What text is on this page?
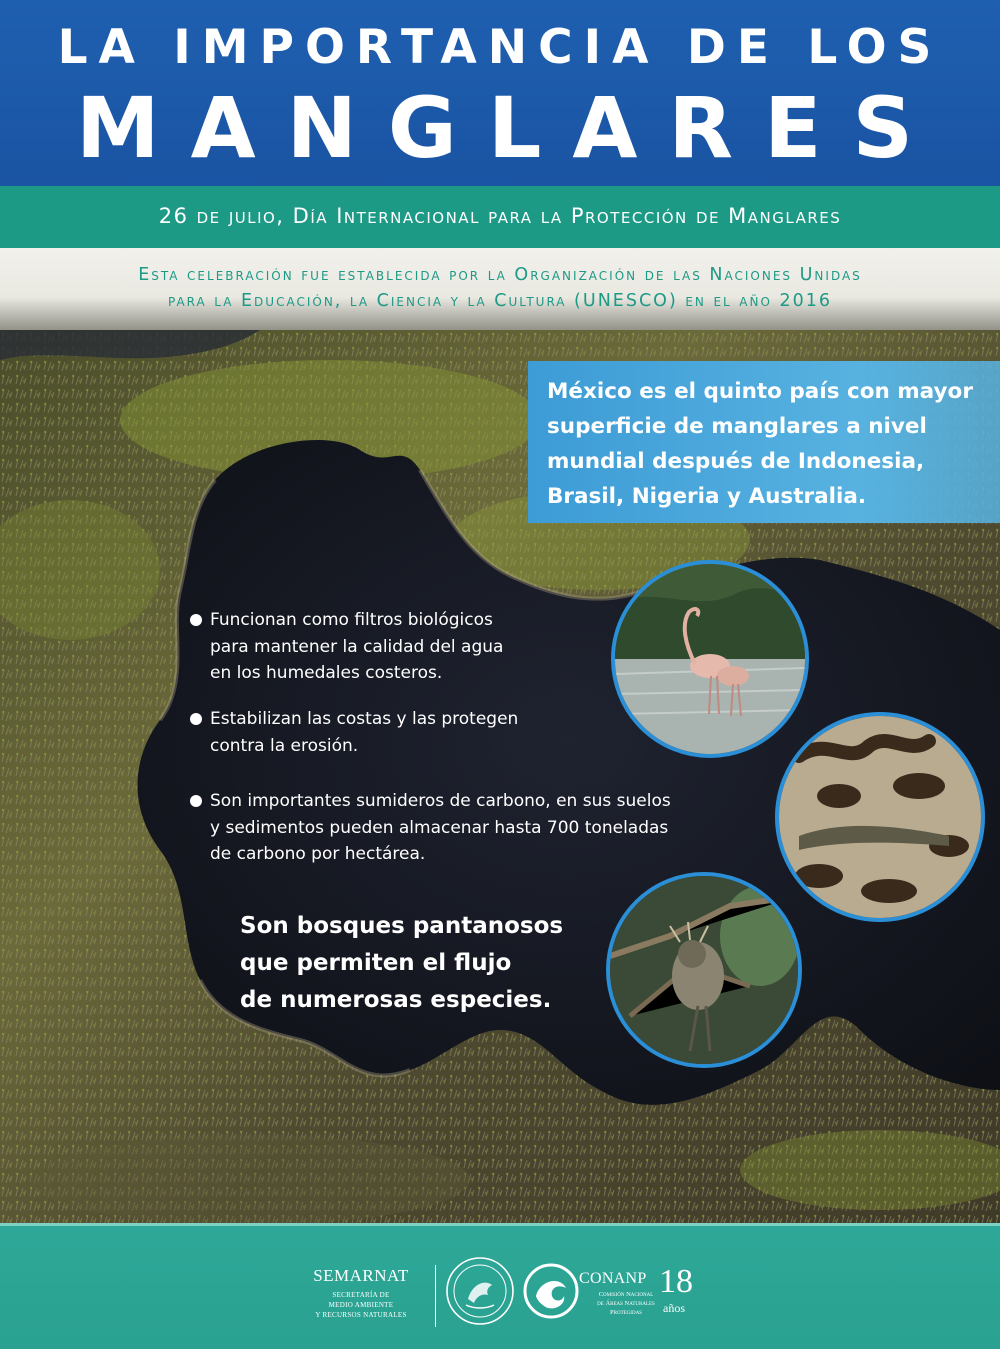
LA IMPORTANCIA DE LOS
MANGLARES
26 de julio, Día Internacional para la Protección de Manglares
Esta celebración fue establecida por la Organización de las Naciones Unidas
para la Educación, la Ciencia y la Cultura (UNESCO) en el año 2016
México es el quinto país con mayor
superficie de manglares a nivel
mundial después de Indonesia,
Brasil, Nigeria y Australia.
Funcionan como filtros biológicos
para mantener la calidad del agua
en los humedales costeros.
Estabilizan las costas y las protegen
contra la erosión.
Son importantes sumideros de carbono, en sus suelos
y sedimentos pueden almacenar hasta 700 toneladas
de carbono por hectárea.
Son bosques pantanosos
que permiten el flujo
de numerosas especies.
SEMARNAT
SECRETARÍA DE
MEDIO AMBIENTE
Y RECURSOS NATURALES
CONANP
Comisión Nacional
de Áreas Naturales
Protegidas
18
años
